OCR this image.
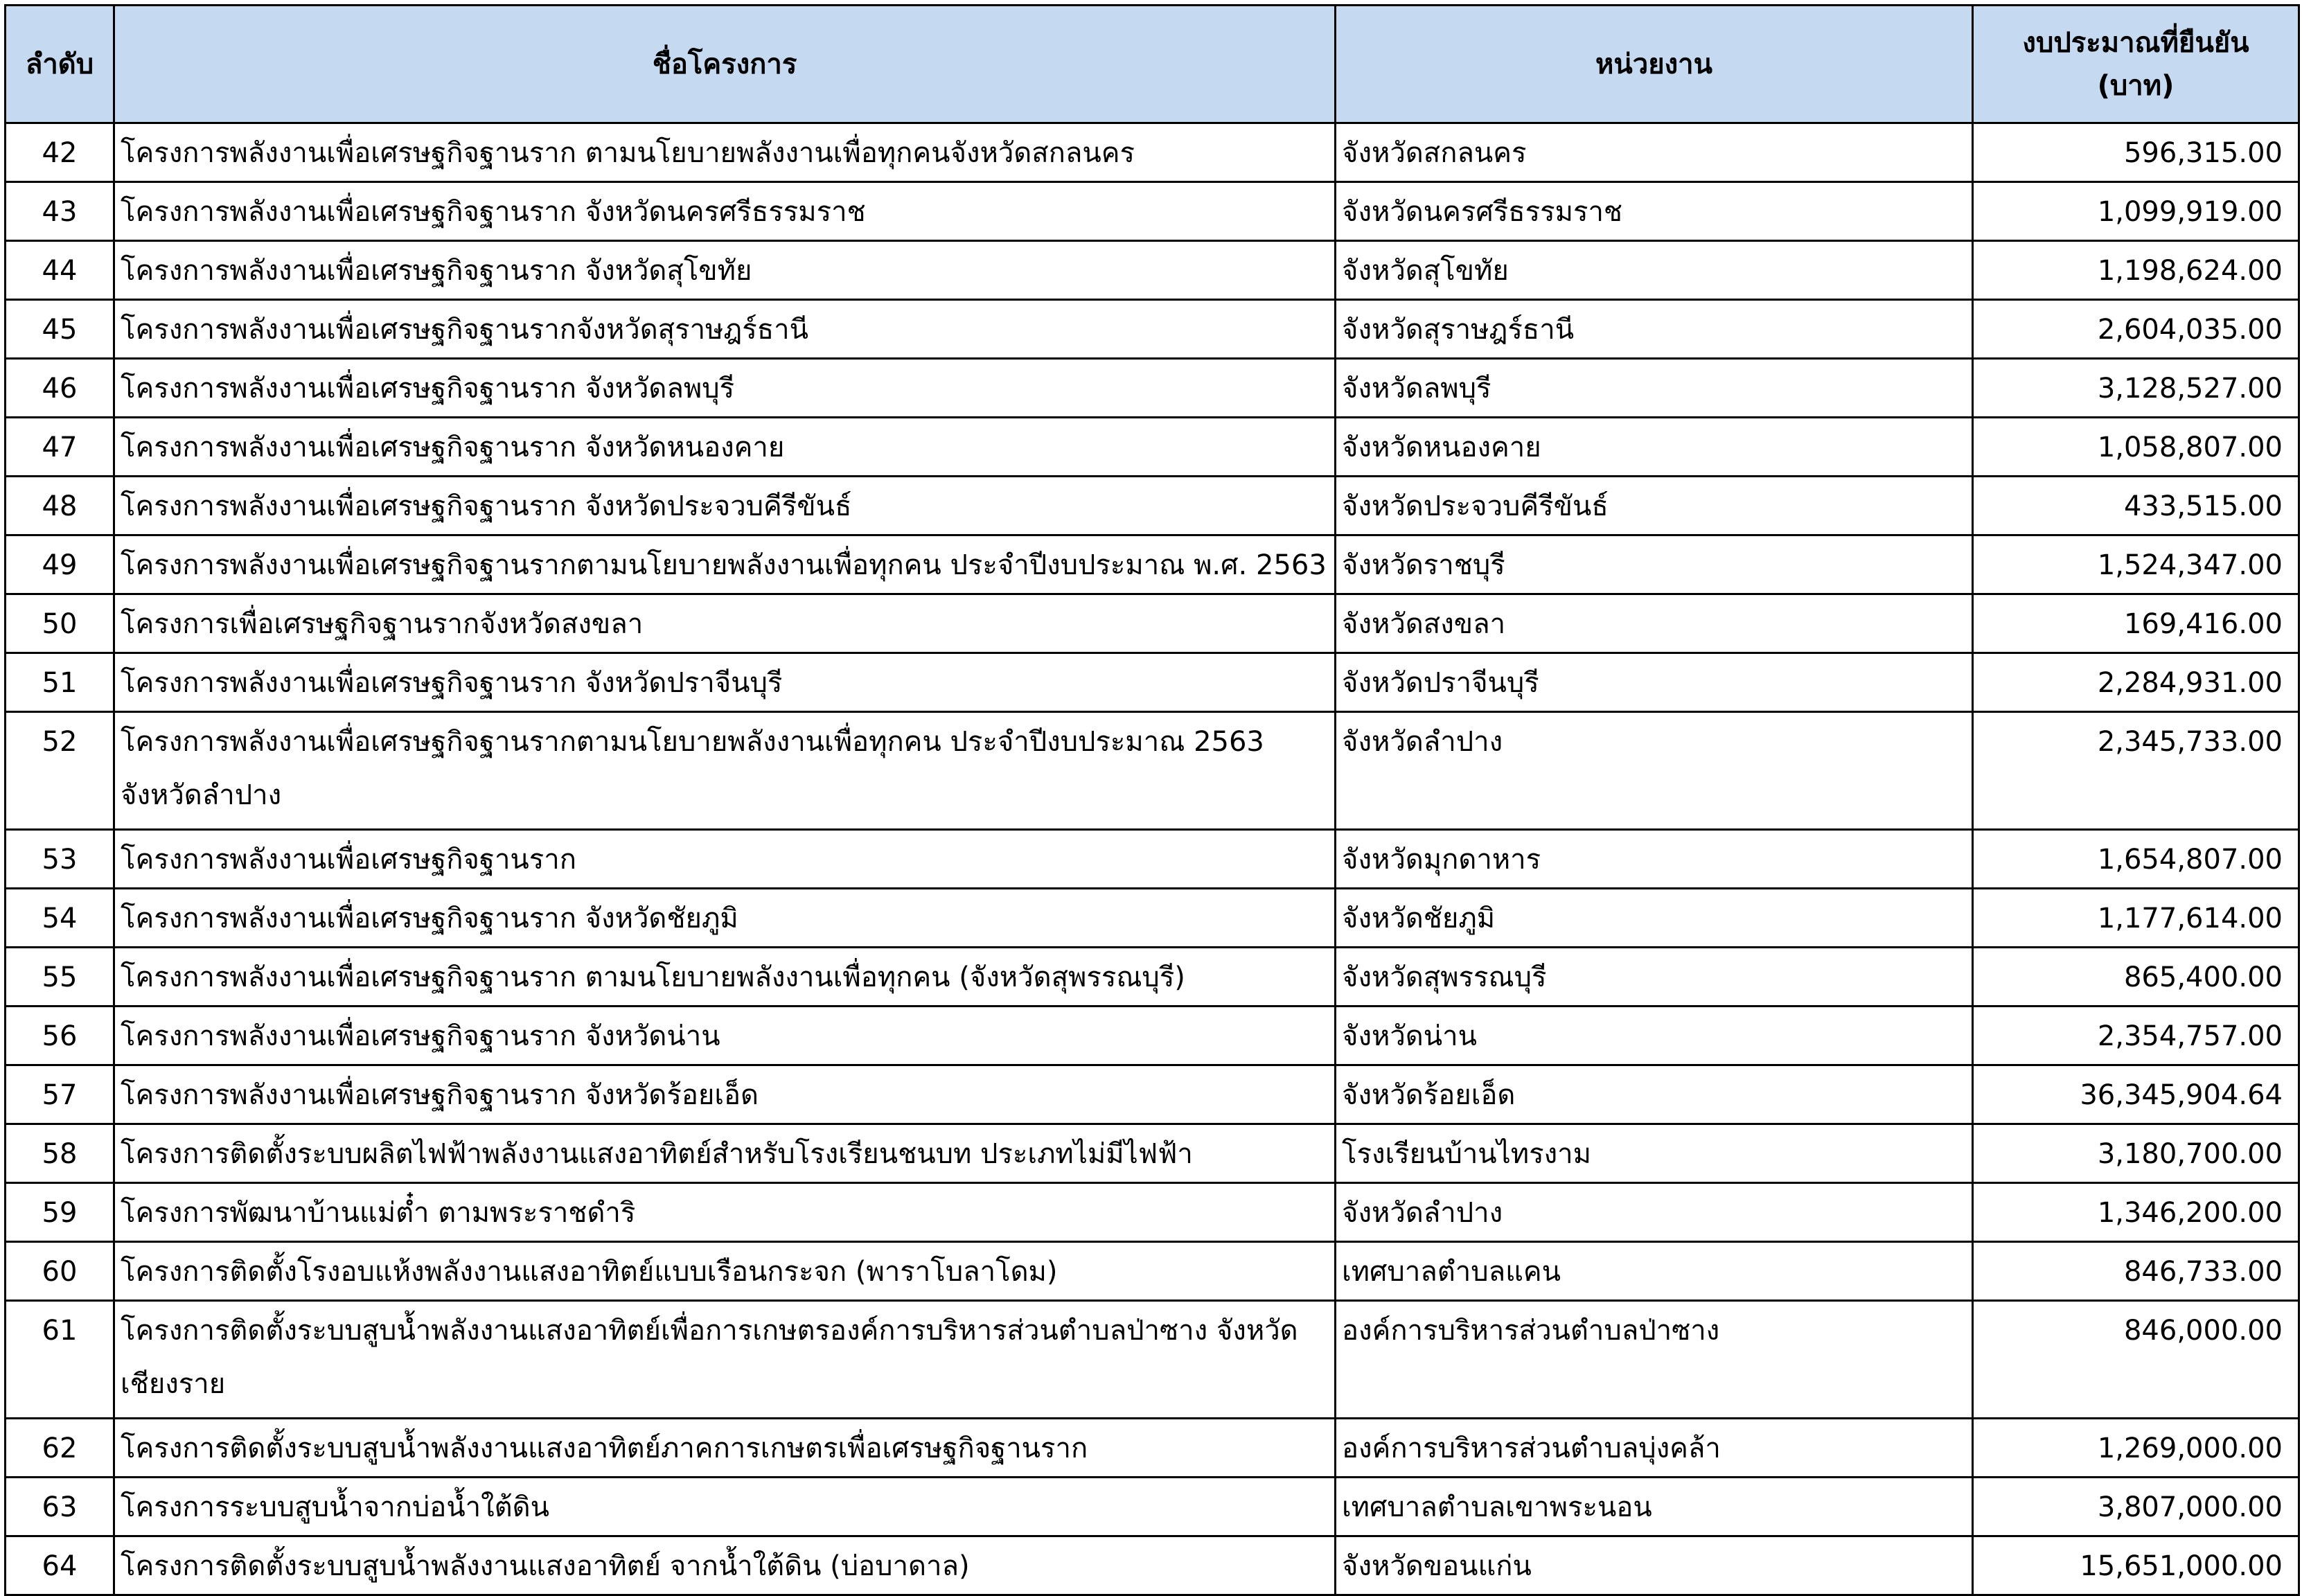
ลำดับ	ชื่อโครงการ	หน่วยงาน	งบประมาณที่ยืนยัน
(บาท)

42	โครงการพลังงานเพื่อเศรษฐกิจฐานราก ตามนโยบายพลังงานเพื่อทุกคนจังหวัดสกลนคร	จังหวัดสกลนคร	596,315.00
43	โครงการพลังงานเพื่อเศรษฐกิจฐานราก จังหวัดนครศรีธรรมราช	จังหวัดนครศรีธรรมราช	1,099,919.00
44	โครงการพลังงานเพื่อเศรษฐกิจฐานราก จังหวัดสุโขทัย	จังหวัดสุโขทัย	1,198,624.00
45	โครงการพลังงานเพื่อเศรษฐกิจฐานรากจังหวัดสุราษฎร์ธานี	จังหวัดสุราษฎร์ธานี	2,604,035.00
46	โครงการพลังงานเพื่อเศรษฐกิจฐานราก จังหวัดลพบุรี	จังหวัดลพบุรี	3,128,527.00
47	โครงการพลังงานเพื่อเศรษฐกิจฐานราก จังหวัดหนองคาย	จังหวัดหนองคาย	1,058,807.00
48	โครงการพลังงานเพื่อเศรษฐกิจฐานราก จังหวัดประจวบคีรีขันธ์	จังหวัดประจวบคีรีขันธ์	433,515.00
49	โครงการพลังงานเพื่อเศรษฐกิจฐานรากตามนโยบายพลังงานเพื่อทุกคน ประจำปีงบประมาณ พ.ศ. 2563	จังหวัดราชบุรี	1,524,347.00
50	โครงการเพื่อเศรษฐกิจฐานรากจังหวัดสงขลา	จังหวัดสงขลา	169,416.00
51	โครงการพลังงานเพื่อเศรษฐกิจฐานราก จังหวัดปราจีนบุรี	จังหวัดปราจีนบุรี	2,284,931.00
52	โครงการพลังงานเพื่อเศรษฐกิจฐานรากตามนโยบายพลังงานเพื่อทุกคน ประจำปีงบประมาณ 2563 จังหวัดลำปาง	จังหวัดลำปาง	2,345,733.00
53	โครงการพลังงานเพื่อเศรษฐกิจฐานราก	จังหวัดมุกดาหาร	1,654,807.00
54	โครงการพลังงานเพื่อเศรษฐกิจฐานราก จังหวัดชัยภูมิ	จังหวัดชัยภูมิ	1,177,614.00
55	โครงการพลังงานเพื่อเศรษฐกิจฐานราก ตามนโยบายพลังงานเพื่อทุกคน (จังหวัดสุพรรณบุรี)	จังหวัดสุพรรณบุรี	865,400.00
56	โครงการพลังงานเพื่อเศรษฐกิจฐานราก จังหวัดน่าน	จังหวัดน่าน	2,354,757.00
57	โครงการพลังงานเพื่อเศรษฐกิจฐานราก จังหวัดร้อยเอ็ด	จังหวัดร้อยเอ็ด	36,345,904.64
58	โครงการติดตั้งระบบผลิตไฟฟ้าพลังงานแสงอาทิตย์สำหรับโรงเรียนชนบท ประเภทไม่มีไฟฟ้า	โรงเรียนบ้านไทรงาม	3,180,700.00
59	โครงการพัฒนาบ้านแม่ต๋ำ ตามพระราชดำริ	จังหวัดลำปาง	1,346,200.00
60	โครงการติดตั้งโรงอบแห้งพลังงานแสงอาทิตย์แบบเรือนกระจก (พาราโบลาโดม)	เทศบาลตำบลแคน	846,733.00
61	โครงการติดตั้งระบบสูบน้ำพลังงานแสงอาทิตย์เพื่อการเกษตรองค์การบริหารส่วนตำบลป่าซาง จังหวัดเชียงราย	องค์การบริหารส่วนตำบลป่าซาง	846,000.00
62	โครงการติดตั้งระบบสูบน้ำพลังงานแสงอาทิตย์ภาคการเกษตรเพื่อเศรษฐกิจฐานราก	องค์การบริหารส่วนตำบลบุ่งคล้า	1,269,000.00
63	โครงการระบบสูบน้ำจากบ่อน้ำใต้ดิน	เทศบาลตำบลเขาพระนอน	3,807,000.00
64	โครงการติดตั้งระบบสูบน้ำพลังงานแสงอาทิตย์ จากน้ำใต้ดิน (บ่อบาดาล)	จังหวัดขอนแก่น	15,651,000.00
